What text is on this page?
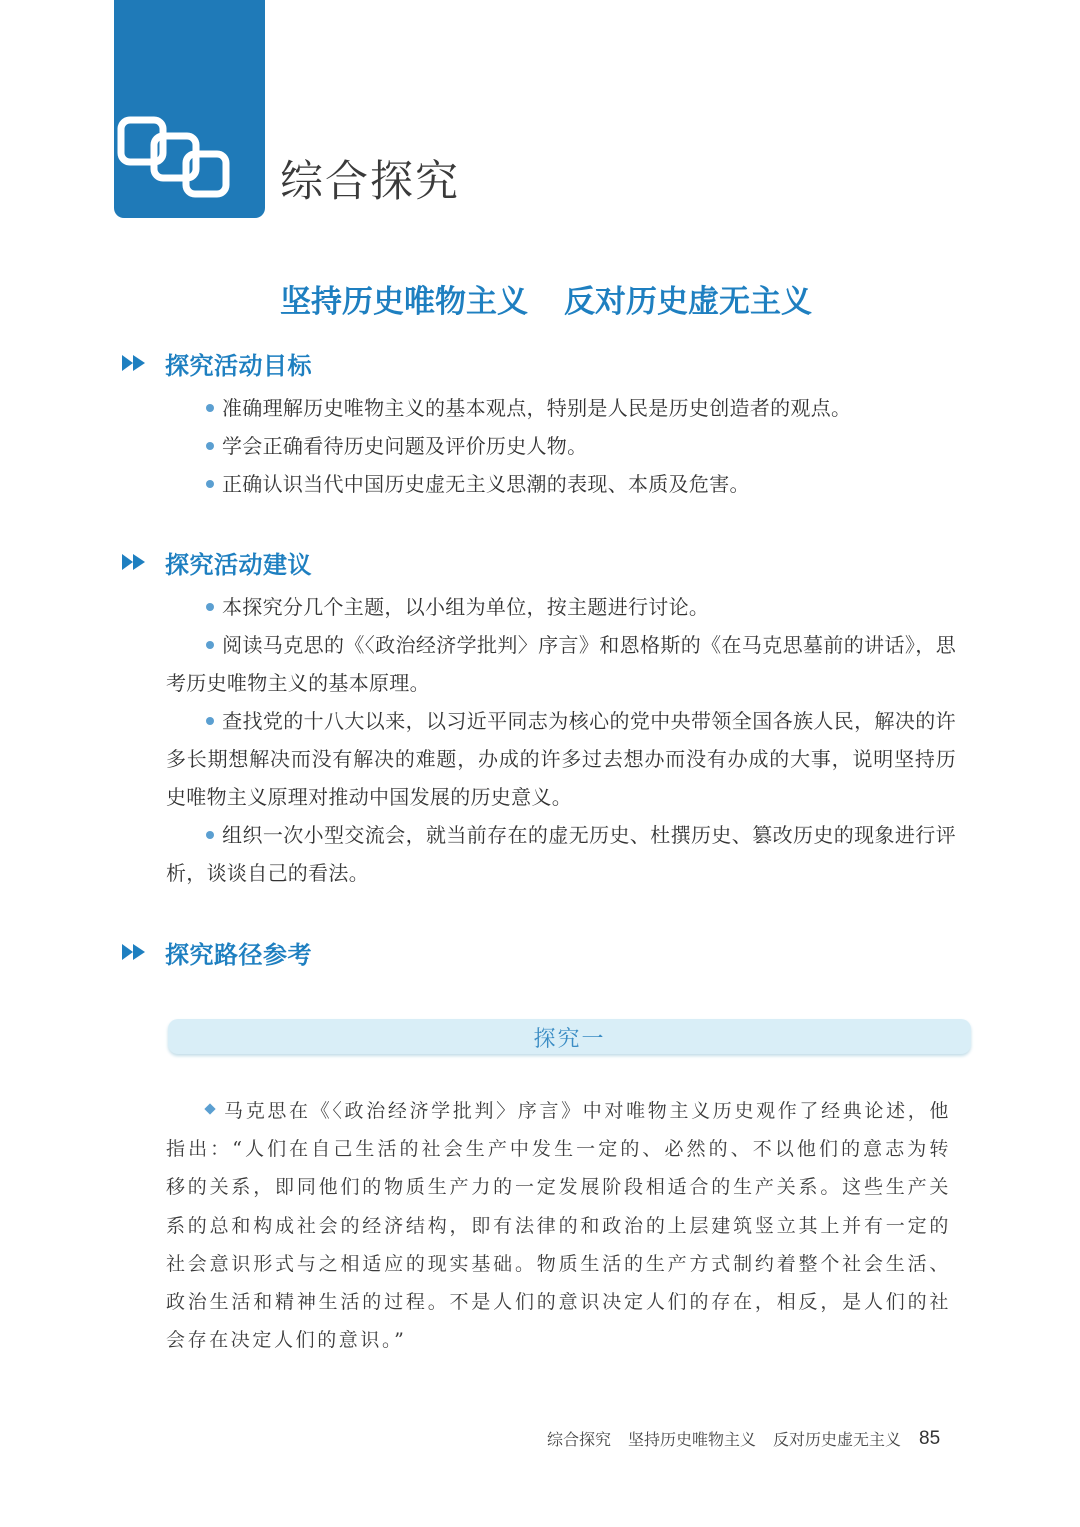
综合探究
坚持历史唯物主义 反对历史虚无主义
探究活动目标
准确理解历史唯物主义的基本观点，特别是人民是历史创造者的观点。
学会正确看待历史问题及评价历史人物。
正确认识当代中国历史虚无主义思潮的表现、本质及危害。
探究活动建议
本探究分几个主题，以小组为单位，按主题进行讨论。
阅读马克思的《〈政治经济学批判〉序言》和恩格斯的《在马克思墓前的讲话》，思考历史唯物主义的基本原理。
查找党的十八大以来，以习近平同志为核心的党中央带领全国各族人民，解决的许多长期想解决而没有解决的难题，办成的许多过去想办而没有办成的大事，说明坚持历史唯物主义原理对推动中国发展的历史意义。
组织一次小型交流会，就当前存在的虚无历史、杜撰历史、篡改历史的现象进行评析，谈谈自己的看法。
探究路径参考
探究一

马克思在《〈政治经济学批判〉序言》中对唯物主义历史观作了经典论述，他指出：“人们在自己生活的社会生产中发生一定的、必然的、不以他们的意志为转移的关系，即同他们的物质生产力的一定发展阶段相适合的生产关系。这些生产关系的总和构成社会的经济结构，即有法律的和政治的上层建筑竖立其上并有一定的社会意识形式与之相适应的现实基础。物质生活的生产方式制约着整个社会生活、政治生活和精神生活的过程。不是人们的意识决定人们的存在，相反，是人们的社会存在决定人们的意识。”

综合探究 坚持历史唯物主义 反对历史虚无主义 85
